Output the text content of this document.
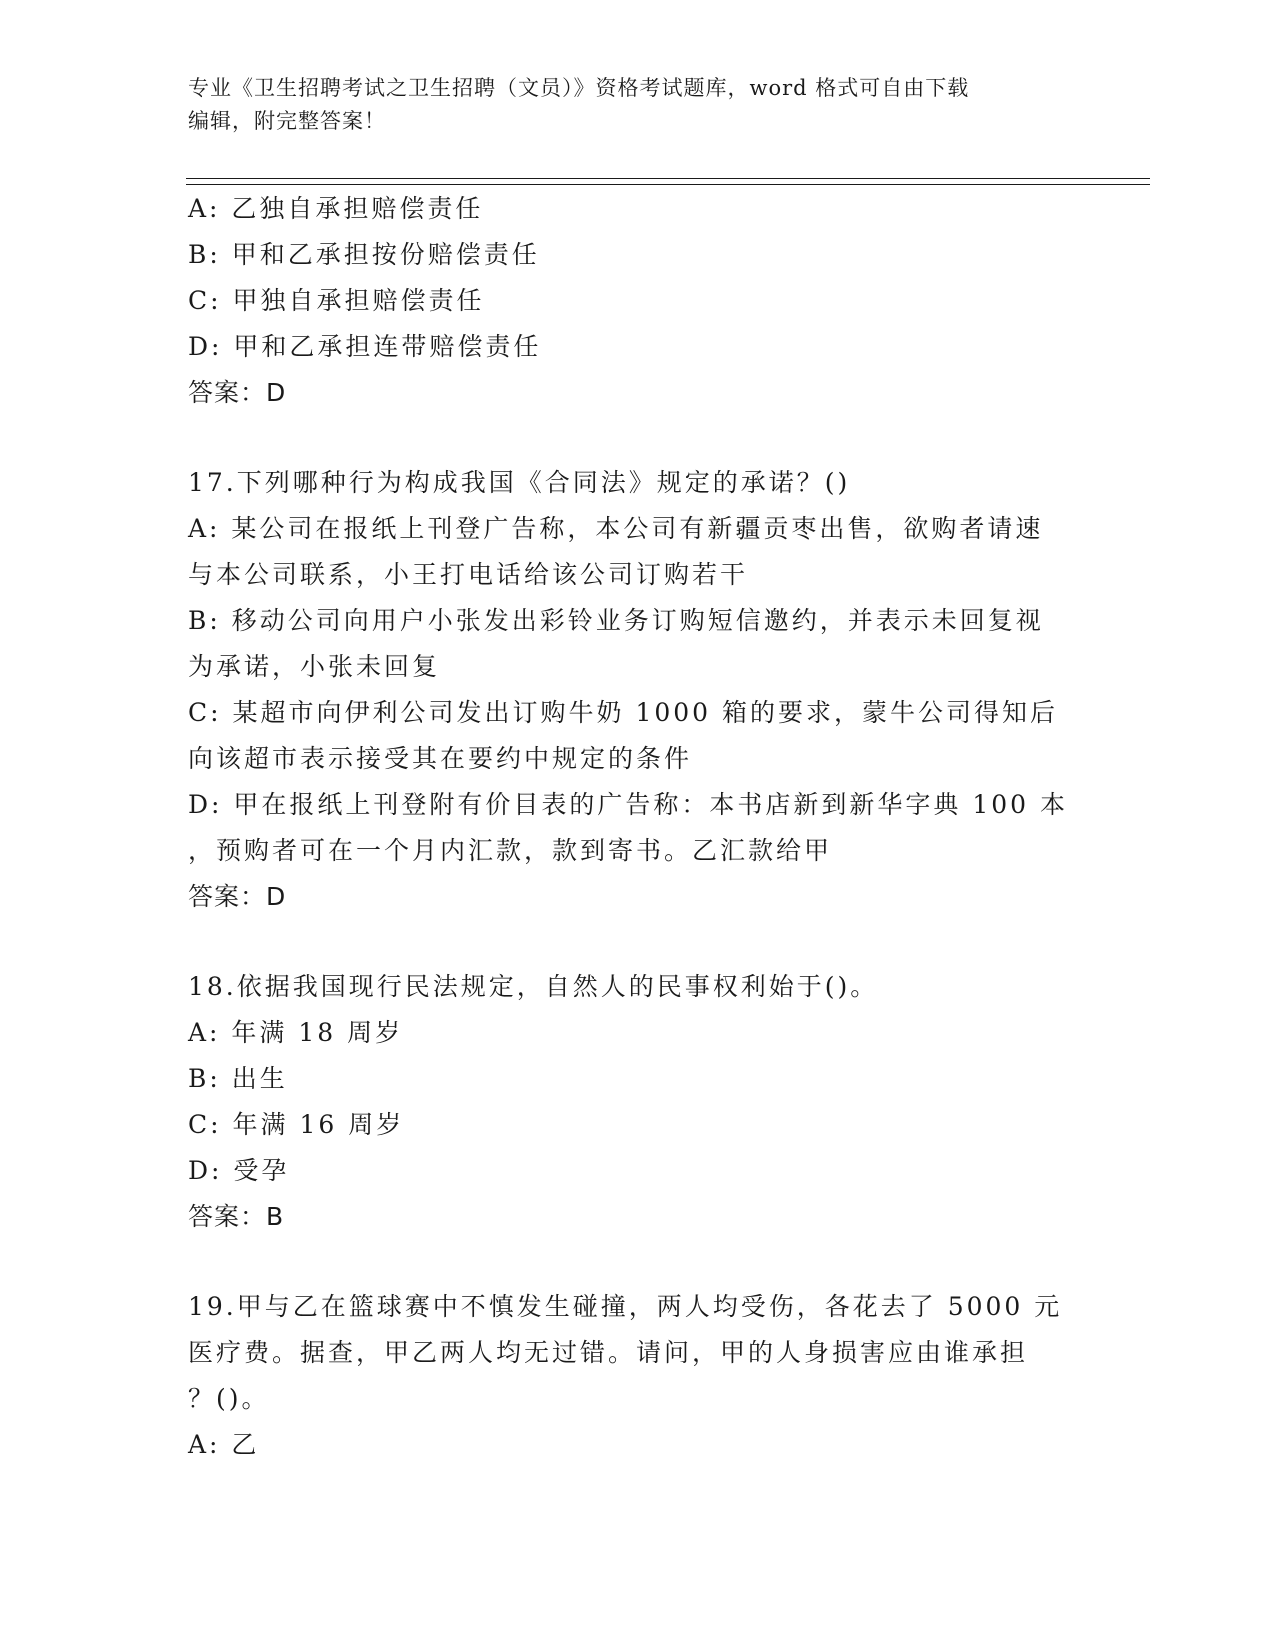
专业《卫生招聘考试之卫生招聘（文员）》资格考试题库，word 格式可自由下载
编辑，附完整答案！
A: 乙独自承担赔偿责任
B: 甲和乙承担按份赔偿责任
C: 甲独自承担赔偿责任
D: 甲和乙承担连带赔偿责任
答案：D
17.下列哪种行为构成我国《合同法》规定的承诺？()
A: 某公司在报纸上刊登广告称，本公司有新疆贡枣出售，欲购者请速
与本公司联系，小王打电话给该公司订购若干
B: 移动公司向用户小张发出彩铃业务订购短信邀约，并表示未回复视
为承诺，小张未回复
C: 某超市向伊利公司发出订购牛奶 1000 箱的要求，蒙牛公司得知后
向该超市表示接受其在要约中规定的条件
D: 甲在报纸上刊登附有价目表的广告称：本书店新到新华字典 100 本
，预购者可在一个月内汇款，款到寄书。乙汇款给甲
答案：D
18.依据我国现行民法规定，自然人的民事权利始于()。
A: 年满 18 周岁
B: 出生
C: 年满 16 周岁
D: 受孕
答案：B
19.甲与乙在篮球赛中不慎发生碰撞，两人均受伤，各花去了 5000 元
医疗费。据查，甲乙两人均无过错。请问，甲的人身损害应由谁承担
？()。
A: 乙
